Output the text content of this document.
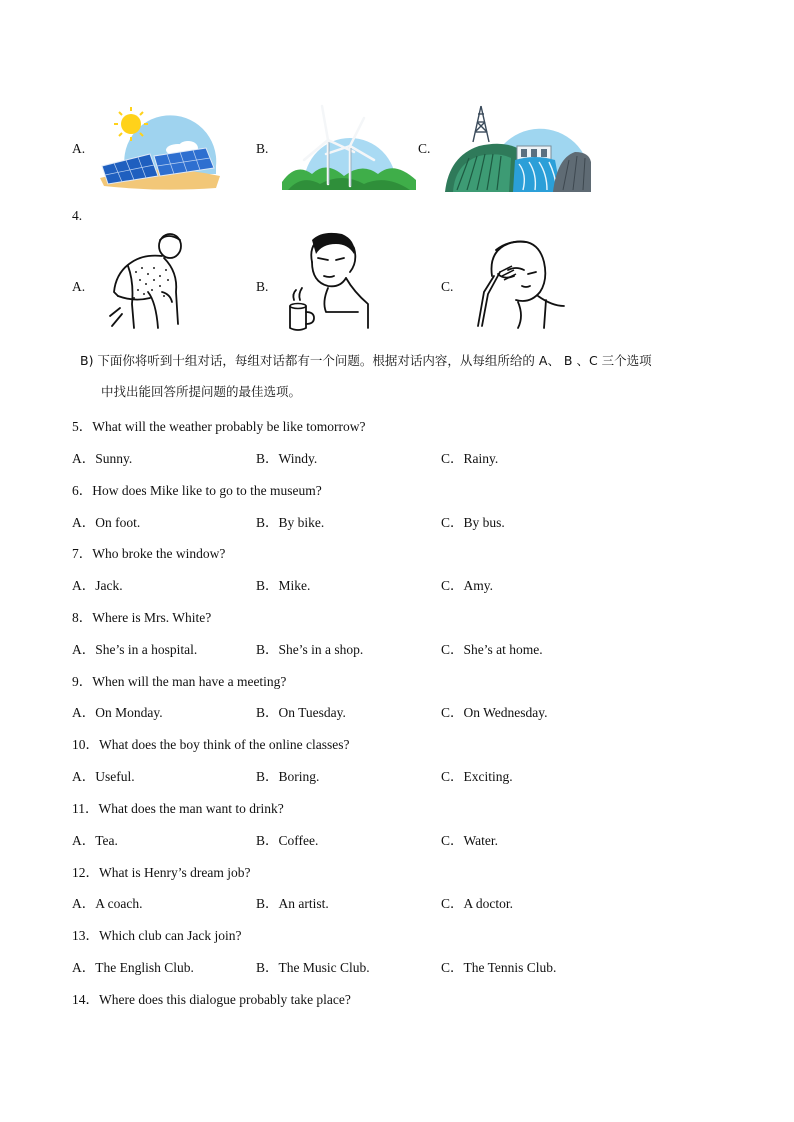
A.	B.	C.
4.
A.	B.	C.
B) 下面你将听到十组对话，每组对话都有一个问题。根据对话内容，从每组所给的 A、 B 、C 三个选项
中找出能回答所提问题的最佳选项。
5．What will the weather probably be like tomorrow?
A．Sunny.	B．Windy.	C．Rainy.
6．How does Mike like to go to the museum?
A．On foot.	B．By bike.	C．By bus.
7．Who broke the window?
A．Jack.	B．Mike.	C．Amy.
8．Where is Mrs. White?
A．She’s in a hospital.	B．She’s in a shop.	C．She’s at home.
9．When will the man have a meeting?
A．On Monday.	B．On Tuesday.	C．On Wednesday.
10．What does the boy think of the online classes?
A．Useful.	B．Boring.	C．Exciting.
11．What does the man want to drink?
A．Tea.	B．Coffee.	C．Water.
12．What is Henry’s dream job?
A．A coach.	B．An artist.	C．A doctor.
13．Which club can Jack join?
A．The English Club.	B．The Music Club.	C．The Tennis Club.
14．Where does this dialogue probably take place?
